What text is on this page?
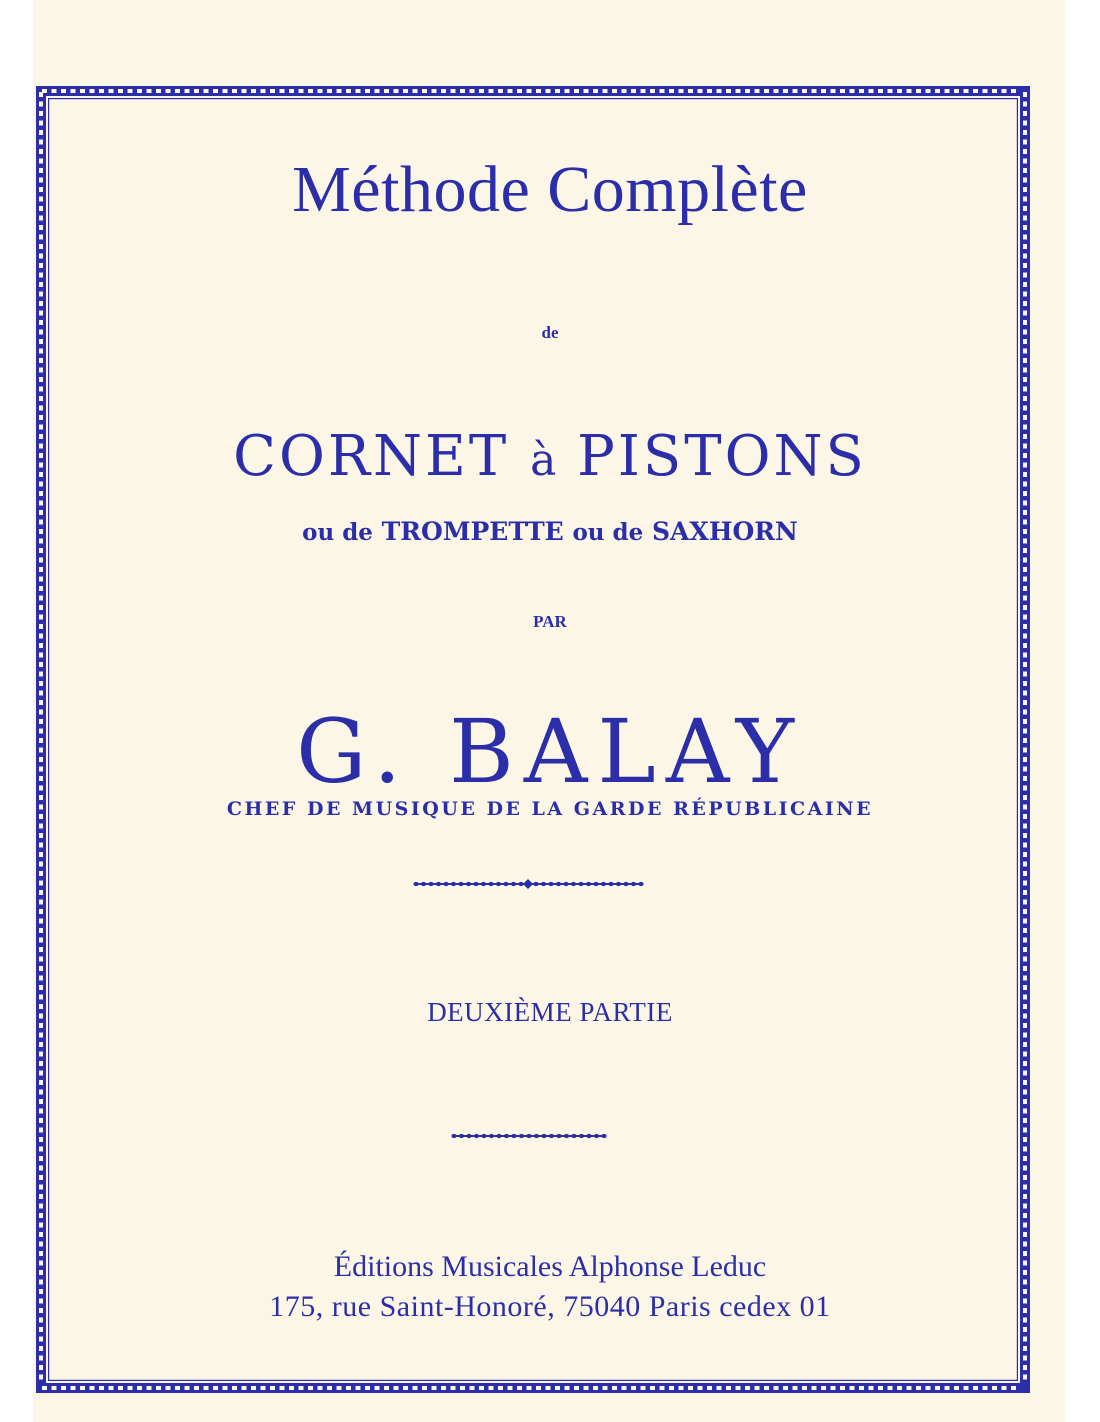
Méthode Complète
de
CORNET à PISTONS
ou de TROMPETTE ou de SAXHORN
PAR
G. BALAY
CHEF DE MUSIQUE DE LA GARDE RÉPUBLICAINE
DEUXIÈME PARTIE
Éditions Musicales Alphonse Leduc
175, rue Saint-Honoré, 75040 Paris cedex 01
